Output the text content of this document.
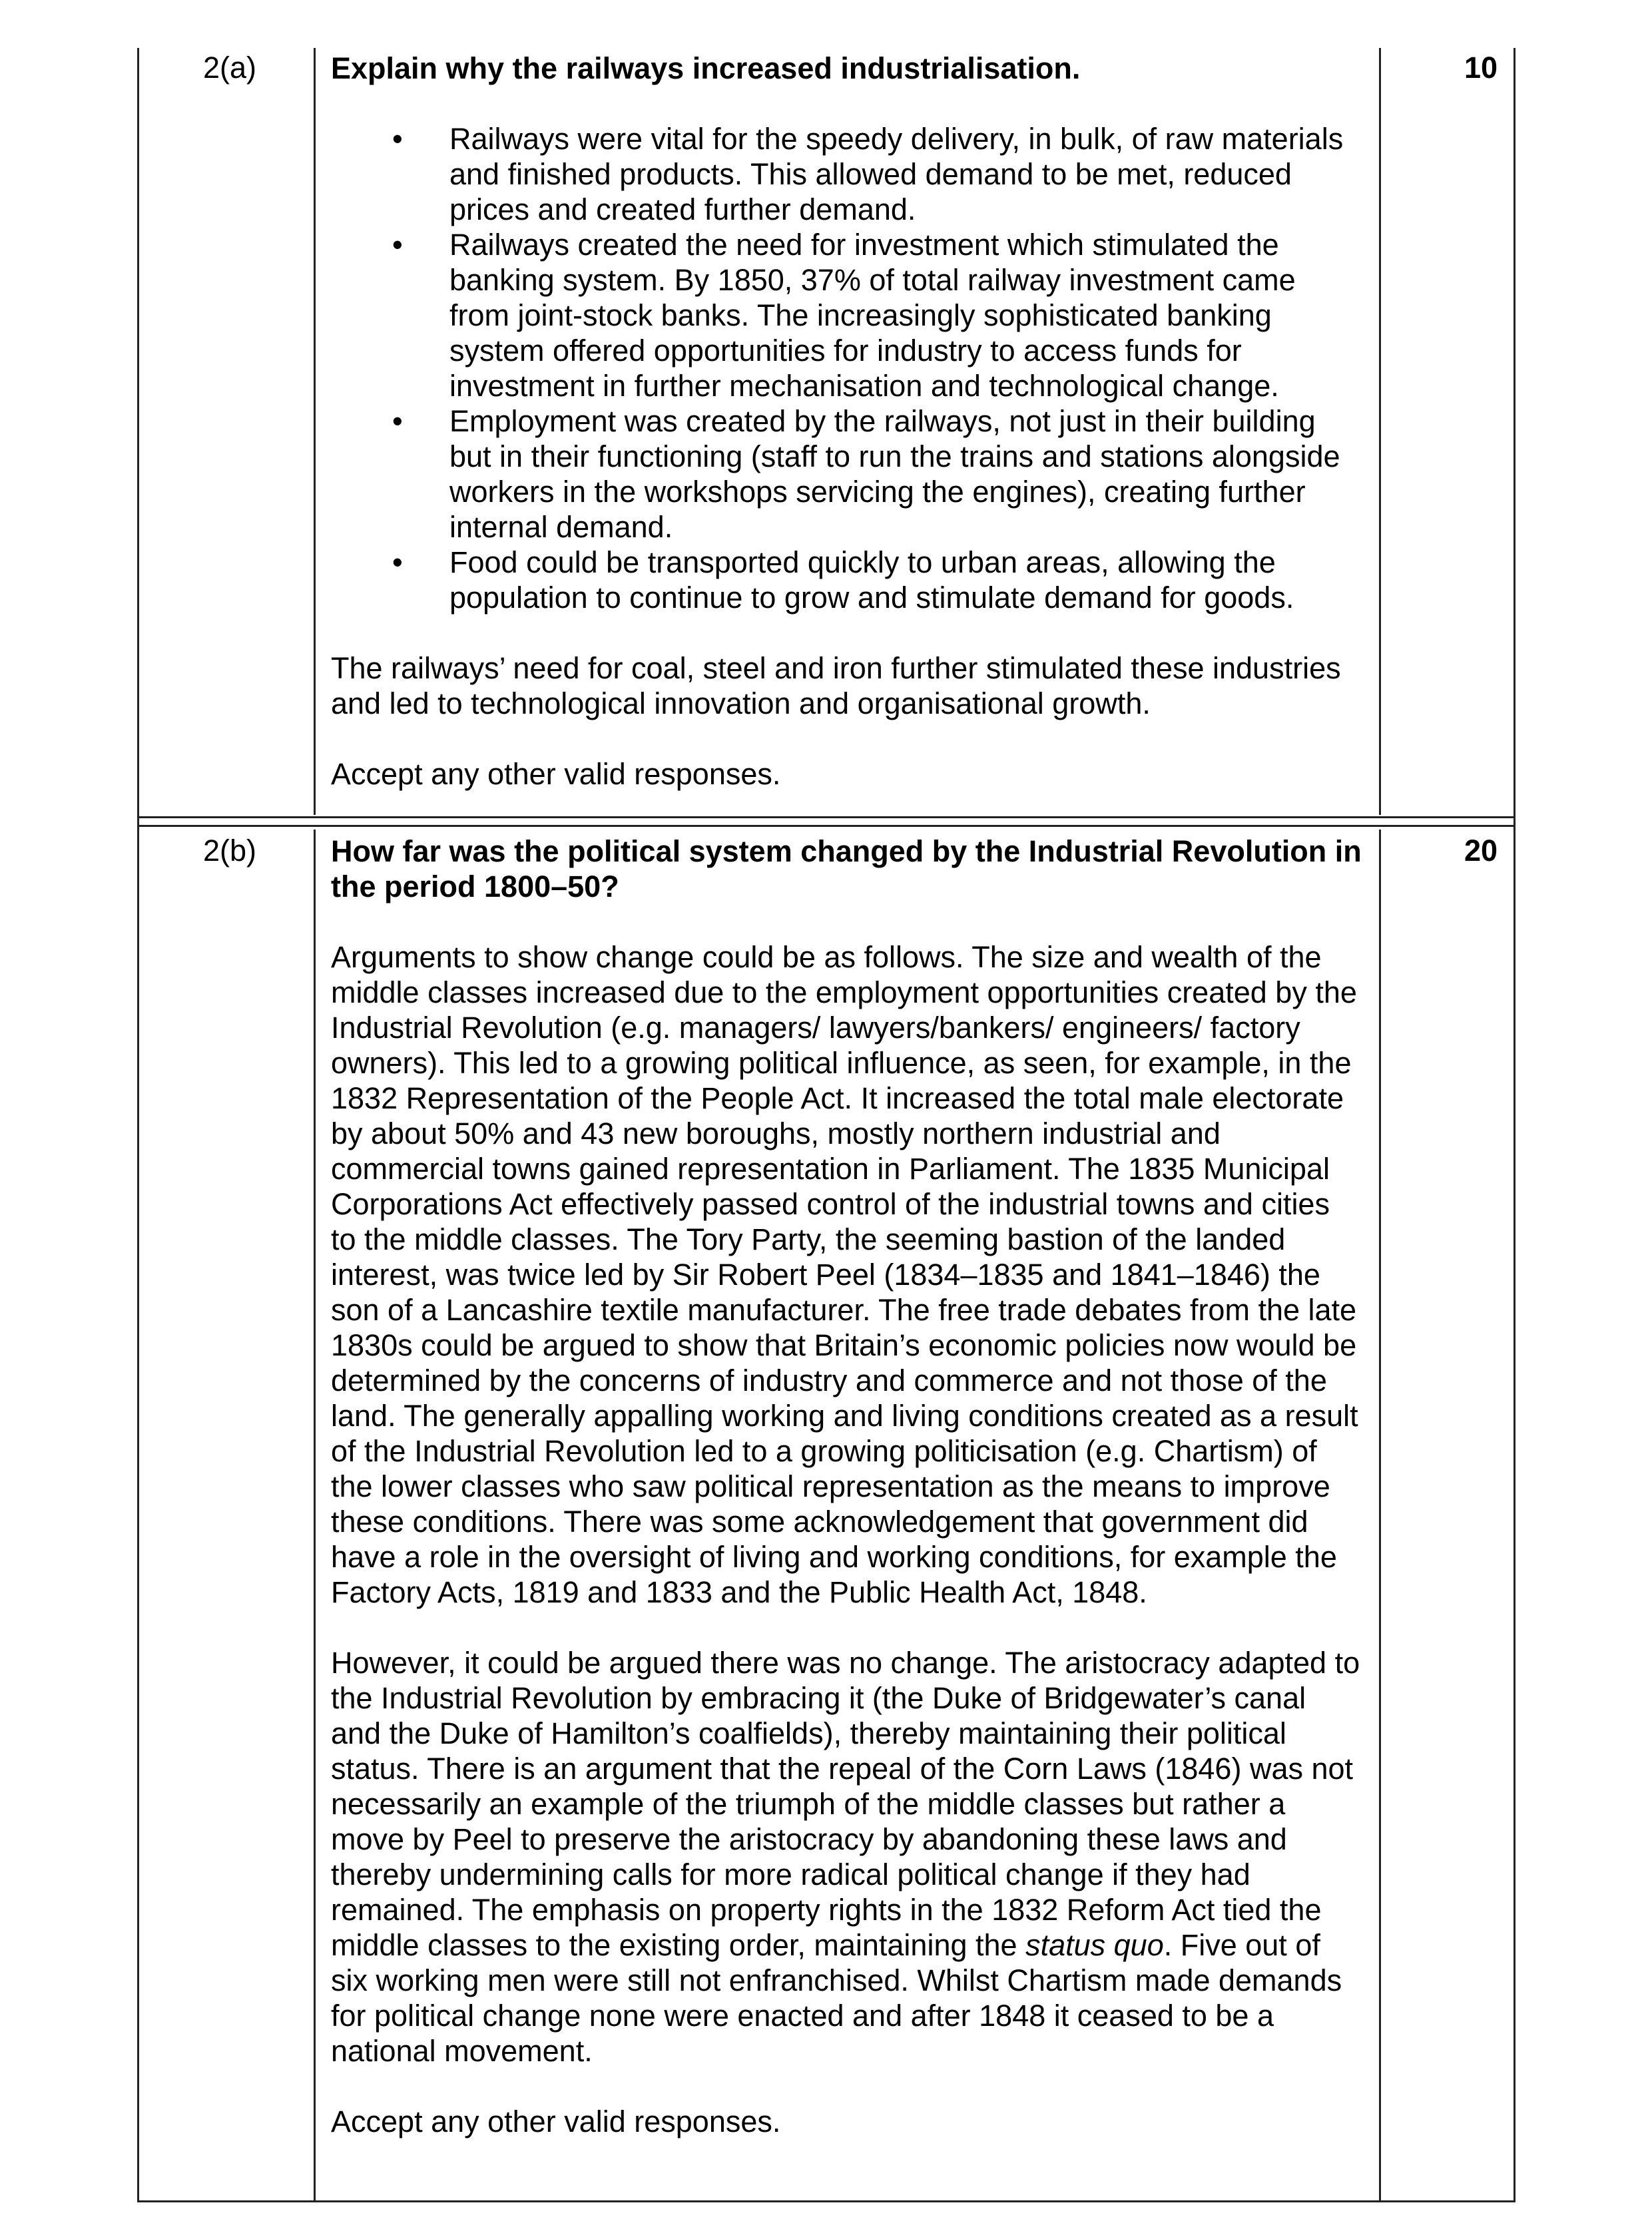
2(a)	Explain why the railways increased industrialisation.

• Railways were vital for the speedy delivery, in bulk, of raw materials and finished products. This allowed demand to be met, reduced prices and created further demand.
• Railways created the need for investment which stimulated the banking system. By 1850, 37% of total railway investment came from joint-stock banks. The increasingly sophisticated banking system offered opportunities for industry to access funds for investment in further mechanisation and technological change.
• Employment was created by the railways, not just in their building but in their functioning (staff to run the trains and stations alongside workers in the workshops servicing the engines), creating further internal demand.
• Food could be transported quickly to urban areas, allowing the population to continue to grow and stimulate demand for goods.

The railways’ need for coal, steel and iron further stimulated these industries and led to technological innovation and organisational growth.

Accept any other valid responses.

10
2(b)	How far was the political system changed by the Industrial Revolution in the period 1800–50?

Arguments to show change could be as follows. The size and wealth of the middle classes increased due to the employment opportunities created by the Industrial Revolution (e.g. managers/ lawyers/bankers/ engineers/ factory owners). This led to a growing political influence, as seen, for example, in the 1832 Representation of the People Act. It increased the total male electorate by about 50% and 43 new boroughs, mostly northern industrial and commercial towns gained representation in Parliament. The 1835 Municipal Corporations Act effectively passed control of the industrial towns and cities to the middle classes. The Tory Party, the seeming bastion of the landed interest, was twice led by Sir Robert Peel (1834–1835 and 1841–1846) the son of a Lancashire textile manufacturer. The free trade debates from the late 1830s could be argued to show that Britain’s economic policies now would be determined by the concerns of industry and commerce and not those of the land. The generally appalling working and living conditions created as a result of the Industrial Revolution led to a growing politicisation (e.g. Chartism) of the lower classes who saw political representation as the means to improve these conditions. There was some acknowledgement that government did have a role in the oversight of living and working conditions, for example the Factory Acts, 1819 and 1833 and the Public Health Act, 1848.

However, it could be argued there was no change. The aristocracy adapted to the Industrial Revolution by embracing it (the Duke of Bridgewater’s canal and the Duke of Hamilton’s coalfields), thereby maintaining their political status. There is an argument that the repeal of the Corn Laws (1846) was not necessarily an example of the triumph of the middle classes but rather a move by Peel to preserve the aristocracy by abandoning these laws and thereby undermining calls for more radical political change if they had remained. The emphasis on property rights in the 1832 Reform Act tied the middle classes to the existing order, maintaining the status quo. Five out of six working men were still not enfranchised. Whilst Chartism made demands for political change none were enacted and after 1848 it ceased to be a national movement.

Accept any other valid responses.

20
